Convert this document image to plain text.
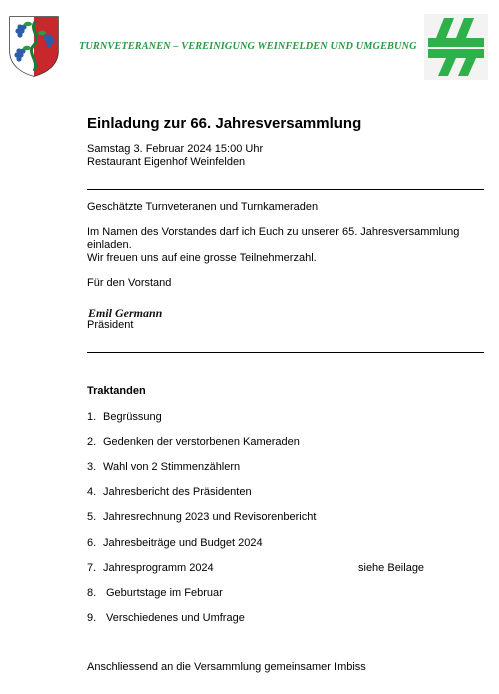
TURNVETERANEN – VEREINIGUNG WEINFELDEN UND UMGEBUNG
Einladung zur 66. Jahresversammlung
Samstag 3. Februar 2024 15:00 Uhr
Restaurant Eigenhof Weinfelden
Geschätzte Turnveteranen und Turnkameraden
Im Namen des Vorstandes darf ich Euch zu unserer 65. Jahresversammlung
einladen.
Wir freuen uns auf eine grosse Teilnehmerzahl.
Für den Vorstand
Emil Germann
Präsident
Traktanden
1. Begrüssung
2. Gedenken der verstorbenen Kameraden
3. Wahl von 2 Stimmenzählern
4. Jahresbericht des Präsidenten
5. Jahresrechnung 2023 und Revisorenbericht
6. Jahresbeiträge und Budget 2024
7. Jahresprogramm 2024	siehe Beilage
8. Geburtstage im Februar
9. Verschiedenes und Umfrage
Anschliessend an die Versammlung gemeinsamer Imbiss
